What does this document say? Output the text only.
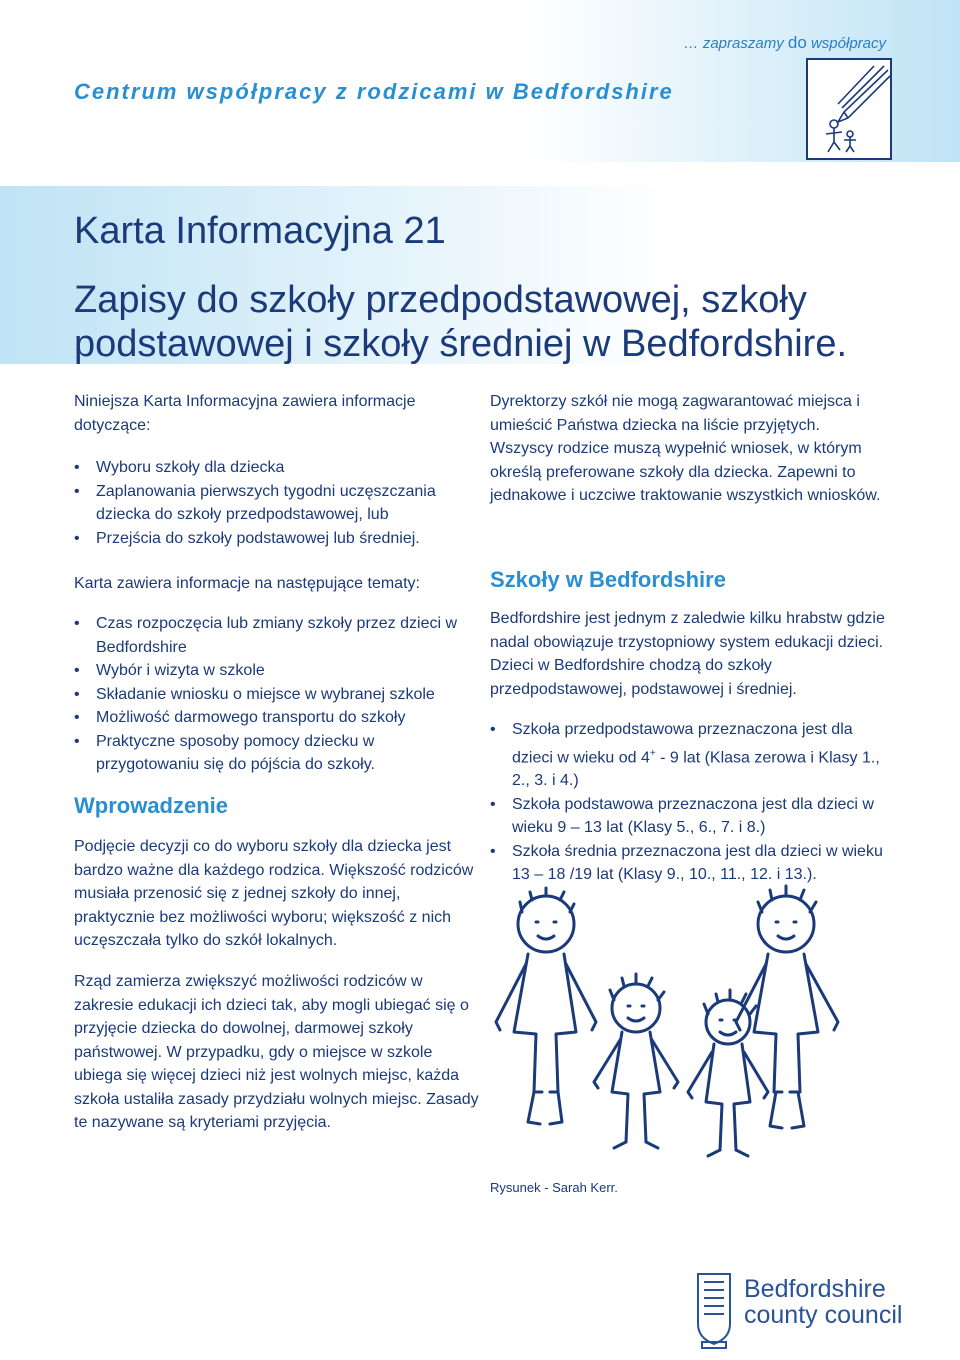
… zapraszamy do współpracy
Centrum współpracy z rodzicami w Bedfordshire
Karta Informacyjna 21
Zapisy do szkoły przedpodstawowej, szkoły podstawowej i szkoły średniej w Bedfordshire.

Niniejsza Karta Informacyjna zawiera informacje dotyczące:

• Wyboru szkoły dla dziecka
• Zaplanowania pierwszych tygodni uczęszczania dziecka do szkoły przedpodstawowej, lub
• Przejścia do szkoły podstawowej lub średniej.

Karta zawiera informacje na następujące tematy:

• Czas rozpoczęcia lub zmiany szkoły przez dzieci w Bedfordshire
• Wybór i wizyta w szkole
• Składanie wniosku o miejsce w wybranej szkole
• Możliwość darmowego transportu do szkoły
• Praktyczne sposoby pomocy dziecku w przygotowaniu się do pójścia do szkoły.
Wprowadzenie

Podjęcie decyzji co do wyboru szkoły dla dziecka jest bardzo ważne dla każdego rodzica. Większość rodziców musiała przenosić się z jednej szkoły do innej, praktycznie bez możliwości wyboru; większość z nich uczęszczała tylko do szkół lokalnych.

Rząd zamierza zwiększyć możliwości rodziców w zakresie edukacji ich dzieci tak, aby mogli ubiegać się o przyjęcie dziecka do dowolnej, darmowej szkoły państwowej. W przypadku, gdy o miejsce w szkole ubiega się więcej dzieci niż jest wolnych miejsc, każda szkoła ustaliła zasady przydziału wolnych miejsc. Zasady te nazywane są kryteriami przyjęcia.

Dyrektorzy szkół nie mogą zagwarantować miejsca i umieścić Państwa dziecka na liście przyjętych. Wszyscy rodzice muszą wypełnić wniosek, w którym określą preferowane szkoły dla dziecka. Zapewni to jednakowe i uczciwe traktowanie wszystkich wniosków.

Szkoły w Bedfordshire

Bedfordshire jest jednym z zaledwie kilku hrabstw gdzie nadal obowiązuje trzystopniowy system edukacji dzieci. Dzieci w Bedfordshire chodzą do szkoły przedpodstawowej, podstawowej i średniej.

• Szkoła przedpodstawowa przeznaczona jest dla dzieci w wieku od 4+ - 9 lat (Klasa zerowa i Klasy 1., 2., 3. i 4.)
• Szkoła podstawowa przeznaczona jest dla dzieci w wieku 9 – 13 lat (Klasy 5., 6., 7. i 8.)
• Szkoła średnia przeznaczona jest dla dzieci w wieku 13 – 18 /19 lat (Klasy 9., 10., 11., 12. i 13.).
Rysunek - Sarah Kerr.
Bedfordshire
county council
